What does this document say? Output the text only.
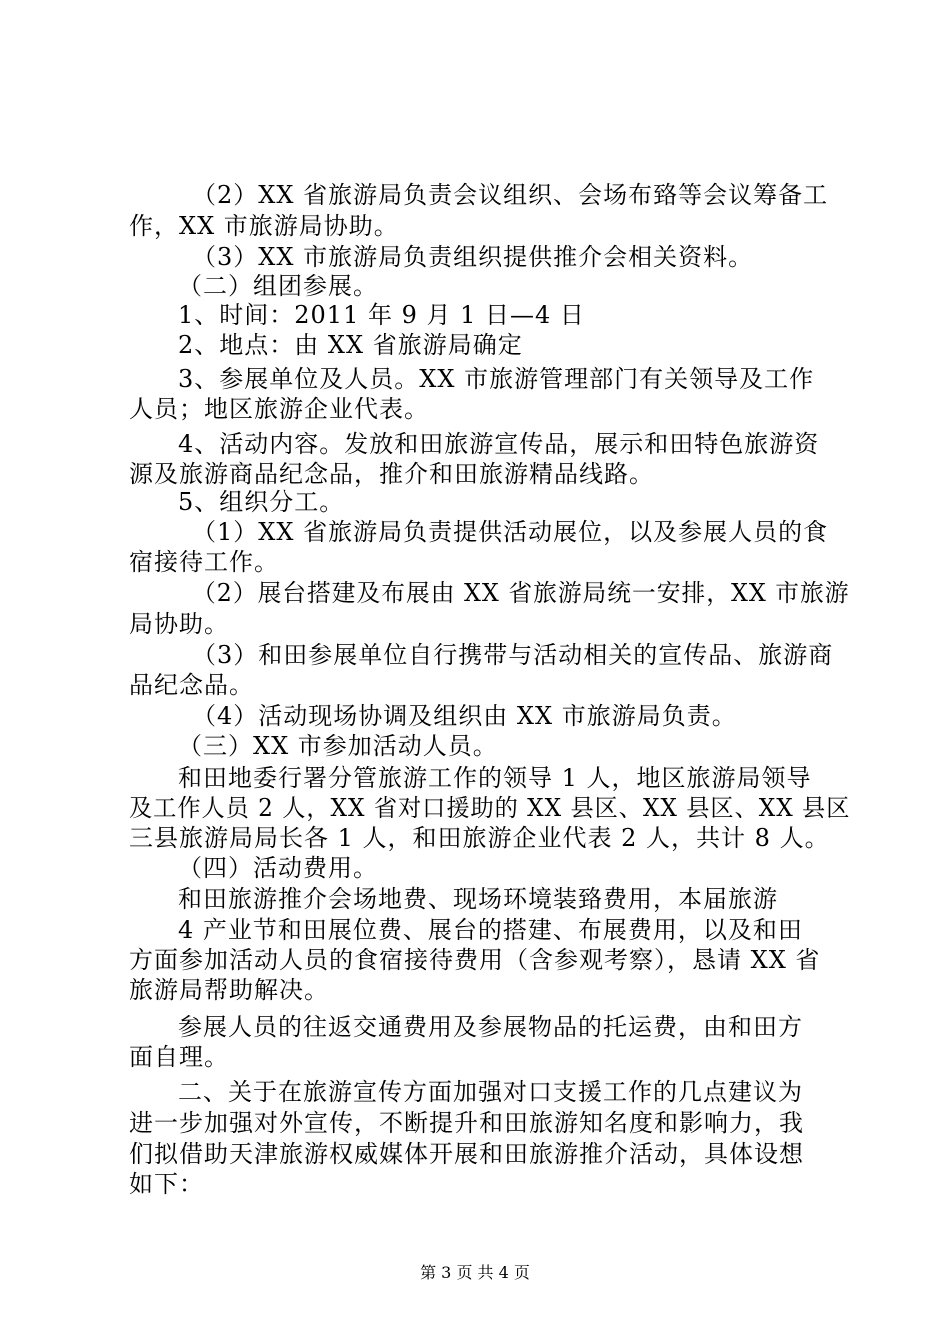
（2）XX 省旅游局负责会议组织、会场布臵等会议筹备工
作，XX 市旅游局协助。
（3）XX 市旅游局负责组织提供推介会相关资料。
（二）组团参展。
1、时间：2011 年 9 月 1 日—4 日
2、地点：由 XX 省旅游局确定
3、参展单位及人员。XX 市旅游管理部门有关领导及工作
人员；地区旅游企业代表。
4、活动内容。发放和田旅游宣传品，展示和田特色旅游资
源及旅游商品纪念品，推介和田旅游精品线路。
5、组织分工。
（1）XX 省旅游局负责提供活动展位，以及参展人员的食
宿接待工作。
（2）展台搭建及布展由 XX 省旅游局统一安排，XX 市旅游
局协助。
（3）和田参展单位自行携带与活动相关的宣传品、旅游商
品纪念品。
（4）活动现场协调及组织由 XX 市旅游局负责。
（三）XX 市参加活动人员。
和田地委行署分管旅游工作的领导 1 人，地区旅游局领导
及工作人员 2 人，XX 省对口援助的 XX 县区、XX 县区、XX 县区
三县旅游局局长各 1 人，和田旅游企业代表 2 人，共计 8 人。
（四）活动费用。
和田旅游推介会场地费、现场环境装臵费用，本届旅游
4 产业节和田展位费、展台的搭建、布展费用，以及和田
方面参加活动人员的食宿接待费用（含参观考察），恳请 XX 省
旅游局帮助解决。
参展人员的往返交通费用及参展物品的托运费，由和田方
面自理。
二、关于在旅游宣传方面加强对口支援工作的几点建议为
进一步加强对外宣传，不断提升和田旅游知名度和影响力，我
们拟借助天津旅游权威媒体开展和田旅游推介活动，具体设想
如下：
第 3 页 共 4 页
